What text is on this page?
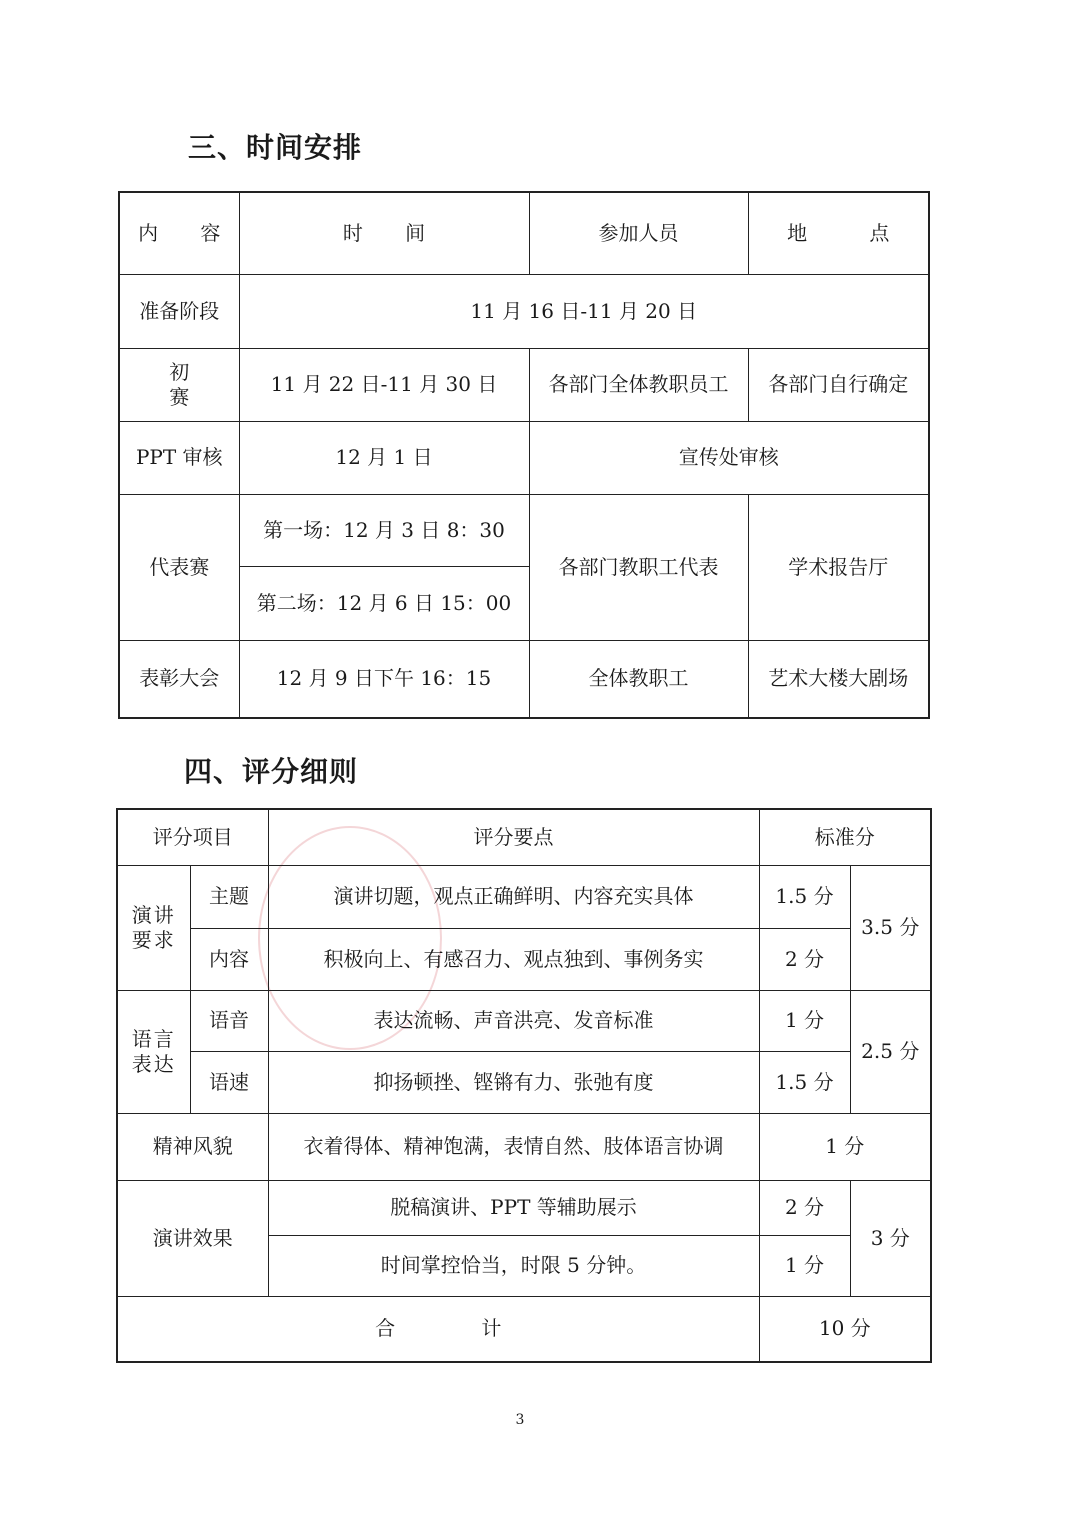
三、时间安排
内 容	时 间	参加人员	地 点
准备阶段	11 月 16 日-11 月 20 日		
初 赛	11 月 22 日-11 月 30 日	各部门全体教职员工	各部门自行确定
PPT 审核	12 月 1 日	宣传处审核	
代表赛	第一场：12 月 3 日 8：30	各部门教职工代表	学术报告厅
	第二场：12 月 6 日 15：00		
表彰大会	12 月 9 日下午 16：15	全体教职工	艺术大楼大剧场
四、评分细则
评分项目		评分要点	标准分	

演讲要求	主题	演讲切题，观点正确鲜明、内容充实具体	1.5 分	3.5 分
	内容	积极向上、有感召力、观点独到、事例务实	2 分	

语言表达	语音	表达流畅、声音洪亮、发音标准	1 分	2.5 分
	语速	抑扬顿挫、铿锵有力、张弛有度	1.5 分	
精神风貌		衣着得体、精神饱满，表情自然、肢体语言协调	1 分	
演讲效果		脱稿演讲、PPT 等辅助展示	2 分	3 分
		时间掌控恰当，时限 5 分钟。	1 分	
合 计			10 分	
3
